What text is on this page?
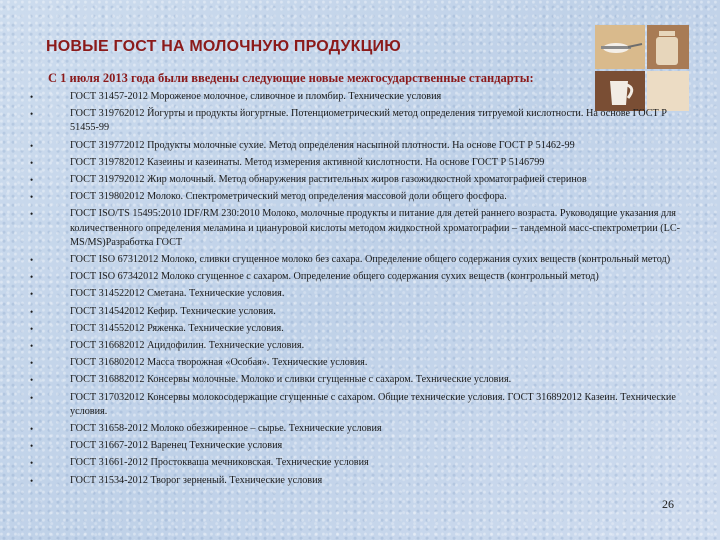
НОВЫЕ ГОСТ НА МОЛОЧНУЮ ПРОДУКЦИЮ
С 1 июля 2013 года были введены следующие новые межгосударственные стандарты:
• ГОСТ 31457-2012 Мороженое молочное, сливочное и пломбир. Технические условия
• ГОСТ 319762012 Йогурты и продукты йогуртные. Потенциометрический метод определения титруемой кислотности. На основе ГОСТ Р 51455-99
• ГОСТ 319772012 Продукты молочные сухие. Метод определения насыпной плотности. На основе ГОСТ Р 51462-99
• ГОСТ 319782012 Казеины и казеинаты. Метод измерения активной кислотности. На основе ГОСТ Р 5146799
• ГОСТ 319792012 Жир молочный. Метод обнаружения растительных жиров газожидкостной хроматографией стеринов
• ГОСТ 319802012 Молоко. Спектрометрический метод определения массовой доли общего фосфора.
• ГОСТ ISO/TS 15495:2010 IDF/RM 230:2010 Молоко, молочные продукты и питание для детей раннего возраста. Руководящие указания для количественного определения меламина и циануровой кислоты методом жидкостной хроматографии – тандемной масс-спектрометрии (LC-MS/MS)Разработка ГОСТ
• ГОСТ ISO 67312012 Молоко, сливки сгущенное молоко без сахара. Определение общего содержания сухих веществ (контрольный метод)
• ГОСТ ISO 67342012 Молоко сгущенное с сахаром. Определение общего содержания сухих веществ (контрольный метод)
• ГОСТ 314522012 Сметана. Технические условия.
• ГОСТ 314542012 Кефир. Технические условия.
• ГОСТ 314552012 Ряженка. Технические условия.
• ГОСТ 316682012 Ацидофилин. Технические условия.
• ГОСТ 316802012 Масса творожная «Особая». Технические условия.
• ГОСТ 316882012 Консервы молочные. Молоко и сливки сгущенные с сахаром. Технические условия.
• ГОСТ 317032012 Консервы молокосодержащие сгущенные с сахаром. Общие технические условия. ГОСТ 316892012 Казеин. Технические условия.
• ГОСТ 31658-2012 Молоко обезжиренное – сырье. Технические условия
• ГОСТ 31667-2012 Варенец Технические условия
• ГОСТ 31661-2012 Простокваша мечниковская. Технические условия
• ГОСТ 31534-2012 Творог зерненый. Технические условия
26
